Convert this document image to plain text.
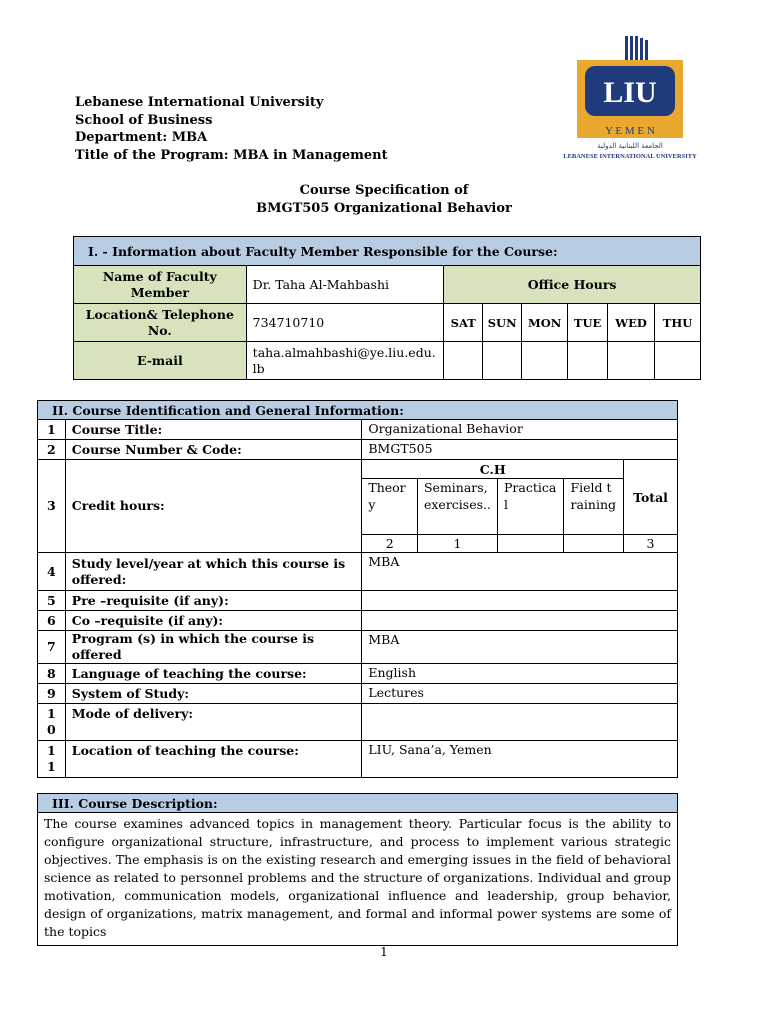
Lebanese International University
School of Business
Department: MBA
Title of the Program: MBA in Management
LIU
Y E M E N
الجامعة اللبنانية الدولية
LEBANESE INTERNATIONAL UNIVERSITY
Course Specification of
BMGT505 Organizational Behavior
I. - Information about Faculty Member Responsible for the Course:							
Name of Faculty Member	Dr. Taha Al-Mahbashi	Office Hours					
Location& Telephone No.	734710710	SAT	SUN	MON	TUE	WED	THU
E-mail	taha.almahbashi@ye.liu.edu.lb						
II. Course Identification and General Information:						
1	Course Title:	Organizational Behavior				
2	Course Number & Code:	BMGT505				
3	Credit hours:	C.H				Total
		Theory	Seminars, exercises..	Practical	Field training	
		2	1			3
4	Study level/year at which this course is offered:	MBA				
5	Pre –requisite (if any):					
6	Co –requisite (if any):					
7	Program (s) in which the course is offered	MBA				
8	Language of teaching the course:	English				
9	System of Study:	Lectures				
1 0	Mode of delivery:					
1 1	Location of teaching the course:	LIU, Sana’a, Yemen				
III. Course Description:
The course examines advanced topics in management theory. Particular focus is the ability to configure organizational structure, infrastructure, and process to implement various strategic objectives. The emphasis is on the existing research and emerging issues in the field of behavioral science as related to personnel problems and the structure of organizations. Individual and group motivation, communication models, organizational influence and leadership, group behavior, design of organizations, matrix management, and formal and informal power systems are some of the topics
1
